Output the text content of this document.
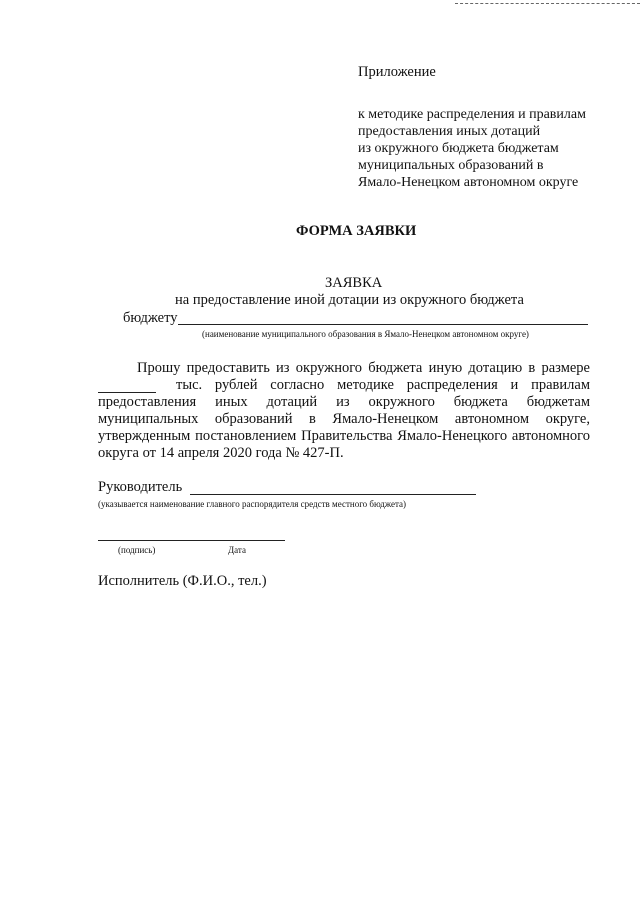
Приложение
к методике распределения и правилам
предоставления иных дотаций
из окружного бюджета бюджетам
муниципальных образований в
Ямало-Ненецком автономном округе
ФОРМА ЗАЯВКИ
ЗАЯВКА
на предоставление иной дотации из окружного бюджета
бюджету
(наименование муниципального образования в Ямало-Ненецком автономном округе)
Прошу предоставить из окружного бюджета иную дотацию в размере
тыс. рублей согласно методике распределения и правилам
предоставления иных дотаций из окружного бюджета бюджетам
муниципальных образований в Ямало-Ненецком автономном округе,
утвержденным постановлением Правительства Ямало-Ненецкого автономного
округа от 14 апреля 2020 года № 427-П.
Руководитель
(указывается наименование главного распорядителя средств местного бюджета)
(подпись)	Дата
Исполнитель (Ф.И.О., тел.)
